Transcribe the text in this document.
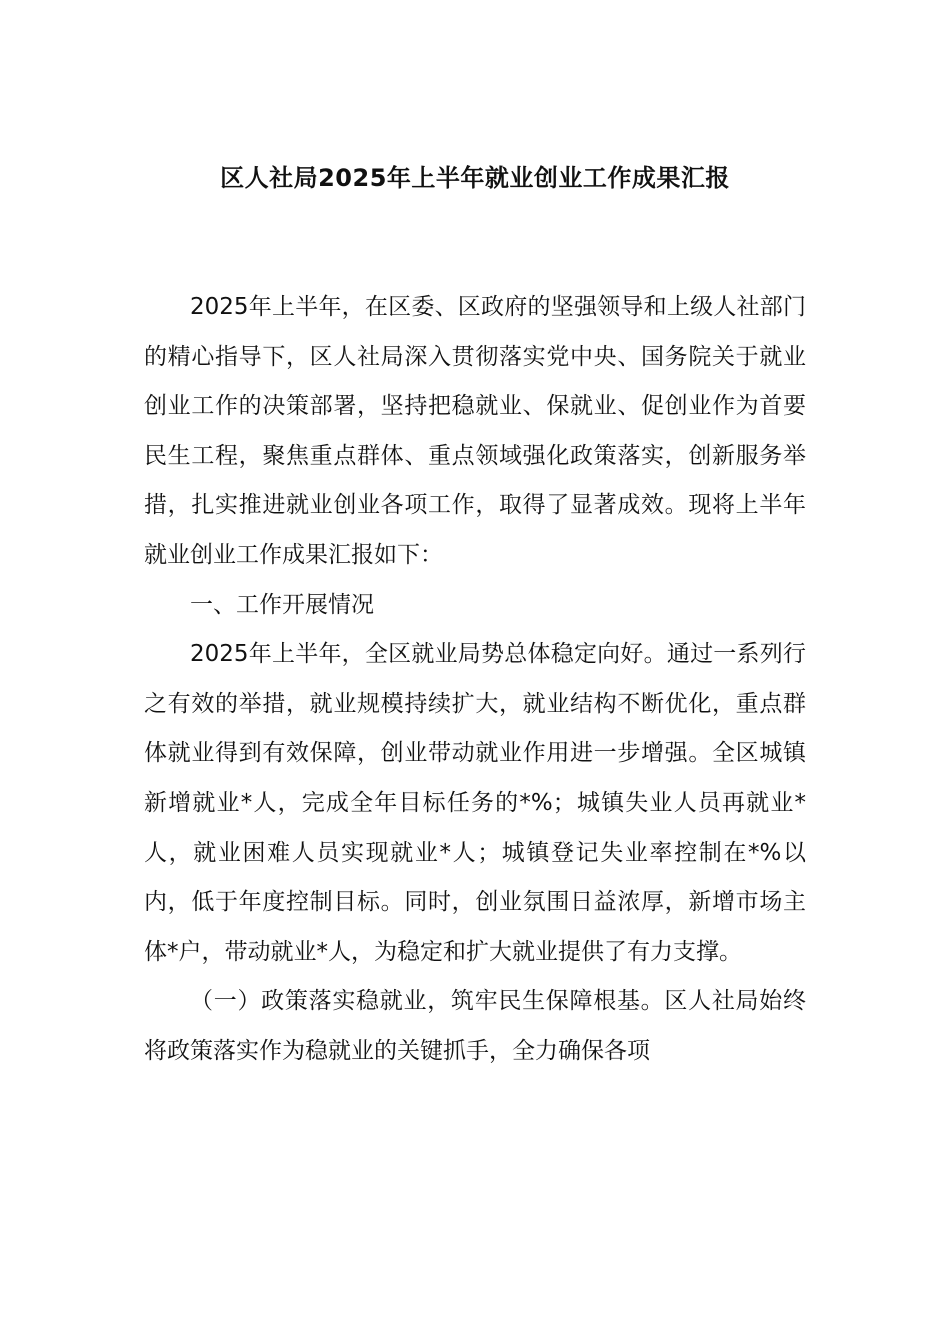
区人社局2025年上半年就业创业工作成果汇报

2025年上半年，在区委、区政府的坚强领导和上级人社部门的精心指导下，区人社局深入贯彻落实党中央、国务院关于就业创业工作的决策部署，坚持把稳就业、保就业、促创业作为首要民生工程，聚焦重点群体、重点领域强化政策落实，创新服务举措，扎实推进就业创业各项工作，取得了显著成效。现将上半年就业创业工作成果汇报如下：

一、工作开展情况

2025年上半年，全区就业局势总体稳定向好。通过一系列行之有效的举措，就业规模持续扩大，就业结构不断优化，重点群体就业得到有效保障，创业带动就业作用进一步增强。全区城镇新增就业*人，完成全年目标任务的*%；城镇失业人员再就业*人，就业困难人员实现就业*人；城镇登记失业率控制在*%以内，低于年度控制目标。同时，创业氛围日益浓厚，新增市场主体*户，带动就业*人，为稳定和扩大就业提供了有力支撑。

（一）政策落实稳就业，筑牢民生保障根基。区人社局始终将政策落实作为稳就业的关键抓手，全力确保各项
